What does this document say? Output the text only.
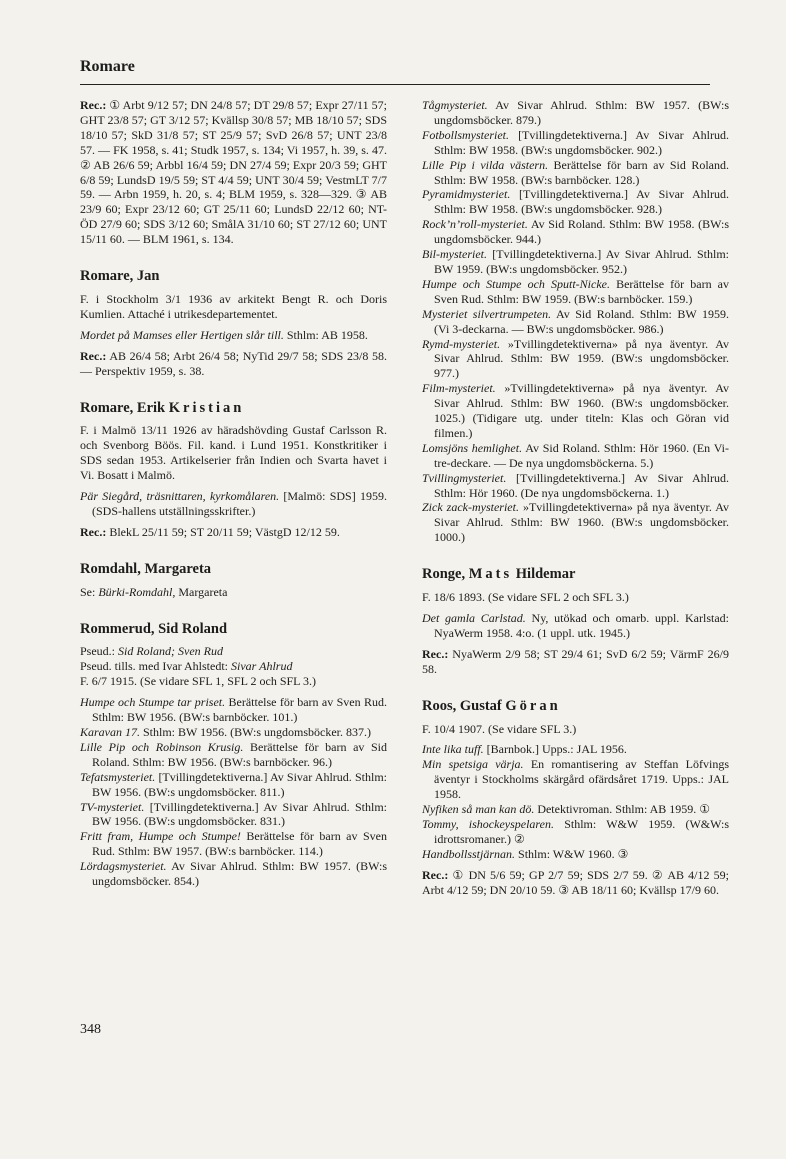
Romare

Rec.: ① Arbt 9/12 57; DN 24/8 57; DT 29/8 57; Expr 27/11 57; GHT 23/8 57; GT 3/12 57; Kvällsp 30/8 57; MB 18/10 57; SDS 18/10 57; SkD 31/8 57; ST 25/9 57; SvD 26/8 57; UNT 23/8 57. — FK 1958, s. 41; Studk 1957, s. 134; Vi 1957, h. 39, s. 47. ② AB 26/6 59; Arbbl 16/4 59; DN 27/4 59; Expr 20/3 59; GHT 6/8 59; LundsD 19/5 59; ST 4/4 59; UNT 30/4 59; VestmLT 7/7 59. — Arbn 1959, h. 20, s. 4; BLM 1959, s. 328—329. ③ AB 23/9 60; Expr 23/12 60; GT 25/11 60; LundsD 22/12 60; NT-ÖD 27/9 60; SDS 3/12 60; SmålA 31/10 60; ST 27/12 60; UNT 15/11 60. — BLM 1961, s. 134.

Romare, Jan

F. i Stockholm 3/1 1936 av arkitekt Bengt R. och Doris Kumlien. Attaché i utrikesdepartementet.

Mordet på Mamses eller Hertigen slår till. Sthlm: AB 1958.

Rec.: AB 26/4 58; Arbt 26/4 58; NyTid 29/7 58; SDS 23/8 58. — Perspektiv 1959, s. 38.

Romare, Erik Kristian

F. i Malmö 13/11 1926 av häradshövding Gustaf Carlsson R. och Svenborg Böös. Fil. kand. i Lund 1951. Konstkritiker i SDS sedan 1953. Artikelserier från Indien och Svarta havet i Vi. Bosatt i Malmö.

Pär Siegård, träsnittaren, kyrkomålaren. [Malmö: SDS] 1959. (SDS-hallens utställningsskrifter.)

Rec.: BlekL 25/11 59; ST 20/11 59; VästgD 12/12 59.

Romdahl, Margareta

Se: Bürki-Romdahl, Margareta

Rommerud, Sid Roland

Pseud.: Sid Roland; Sven Rud

Pseud. tills. med Ivar Ahlstedt: Sivar Ahlrud

F. 6/7 1915. (Se vidare SFL 1, SFL 2 och SFL 3.)

Humpe och Stumpe tar priset. Berättelse för barn av Sven Rud. Sthlm: BW 1956. (BW:s barnböcker. 101.)

Karavan 17. Sthlm: BW 1956. (BW:s ungdomsböcker. 837.)

Lille Pip och Robinson Krusig. Berättelse för barn av Sid Roland. Sthlm: BW 1956. (BW:s barnböcker. 96.)

Tefatsmysteriet. [Tvillingdetektiverna.] Av Sivar Ahlrud. Sthlm: BW 1956. (BW:s ungdomsböcker. 811.)

TV-mysteriet. [Tvillingdetektiverna.] Av Sivar Ahlrud. Sthlm: BW 1956. (BW:s ungdomsböcker. 831.)

Fritt fram, Humpe och Stumpe! Berättelse för barn av Sven Rud. Sthlm: BW 1957. (BW:s barnböcker. 114.)

Lördagsmysteriet. Av Sivar Ahlrud. Sthlm: BW 1957. (BW:s ungdomsböcker. 854.)

Tågmysteriet. Av Sivar Ahlrud. Sthlm: BW 1957. (BW:s ungdomsböcker. 879.)

Fotbollsmysteriet. [Tvillingdetektiverna.] Av Sivar Ahlrud. Sthlm: BW 1958. (BW:s ungdomsböcker. 902.)

Lille Pip i vilda västern. Berättelse för barn av Sid Roland. Sthlm: BW 1958. (BW:s barnböcker. 128.)

Pyramidmysteriet. [Tvillingdetektiverna.] Av Sivar Ahlrud. Sthlm: BW 1958. (BW:s ungdomsböcker. 928.)

Rock’n’roll-mysteriet. Av Sid Roland. Sthlm: BW 1958. (BW:s ungdomsböcker. 944.)

Bil-mysteriet. [Tvillingdetektiverna.] Av Sivar Ahlrud. Sthlm: BW 1959. (BW:s ungdomsböcker. 952.)

Humpe och Stumpe och Sputt-Nicke. Berättelse för barn av Sven Rud. Sthlm: BW 1959. (BW:s barnböcker. 159.)

Mysteriet silvertrumpeten. Av Sid Roland. Sthlm: BW 1959. (Vi 3-deckarna. — BW:s ungdomsböcker. 986.)

Rymd-mysteriet. »Tvillingdetektiverna» på nya äventyr. Av Sivar Ahlrud. Sthlm: BW 1959. (BW:s ungdomsböcker. 977.)

Film-mysteriet. »Tvillingdetektiverna» på nya äventyr. Av Sivar Ahlrud. Sthlm: BW 1960. (BW:s ungdomsböcker. 1025.) (Tidigare utg. under titeln: Klas och Göran vid filmen.)

Lomsjöns hemlighet. Av Sid Roland. Sthlm: Hör 1960. (En Vi-tre-deckare. — De nya ungdomsböckerna. 5.)

Tvillingmysteriet. [Tvillingdetektiverna.] Av Sivar Ahlrud. Sthlm: Hör 1960. (De nya ungdomsböckerna. 1.)

Zick zack-mysteriet. »Tvillingdetektiverna» på nya äventyr. Av Sivar Ahlrud. Sthlm: BW 1960. (BW:s ungdomsböcker. 1000.)

Ronge, Mats Hildemar

F. 18/6 1893. (Se vidare SFL 2 och SFL 3.)

Det gamla Carlstad. Ny, utökad och omarb. uppl. Karlstad: NyaWerm 1958. 4:o. (1 uppl. utk. 1945.)

Rec.: NyaWerm 2/9 58; ST 29/4 61; SvD 6/2 59; VärmF 26/9 58.

Roos, Gustaf Göran

F. 10/4 1907. (Se vidare SFL 3.)

Inte lika tuff. [Barnbok.] Upps.: JAL 1956.

Min spetsiga värja. En romantisering av Steffan Löfvings äventyr i Stockholms skärgård ofärdsåret 1719. Upps.: JAL 1958.

Nyfiken så man kan dö. Detektivroman. Sthlm: AB 1959. ①

Tommy, ishockeyspelaren. Sthlm: W&W 1959. (W&W:s idrottsromaner.) ②

Handbollsstjärnan. Sthlm: W&W 1960. ③

Rec.: ① DN 5/6 59; GP 2/7 59; SDS 2/7 59. ② AB 4/12 59; Arbt 4/12 59; DN 20/10 59. ③ AB 18/11 60; Kvällsp 17/9 60.

348
